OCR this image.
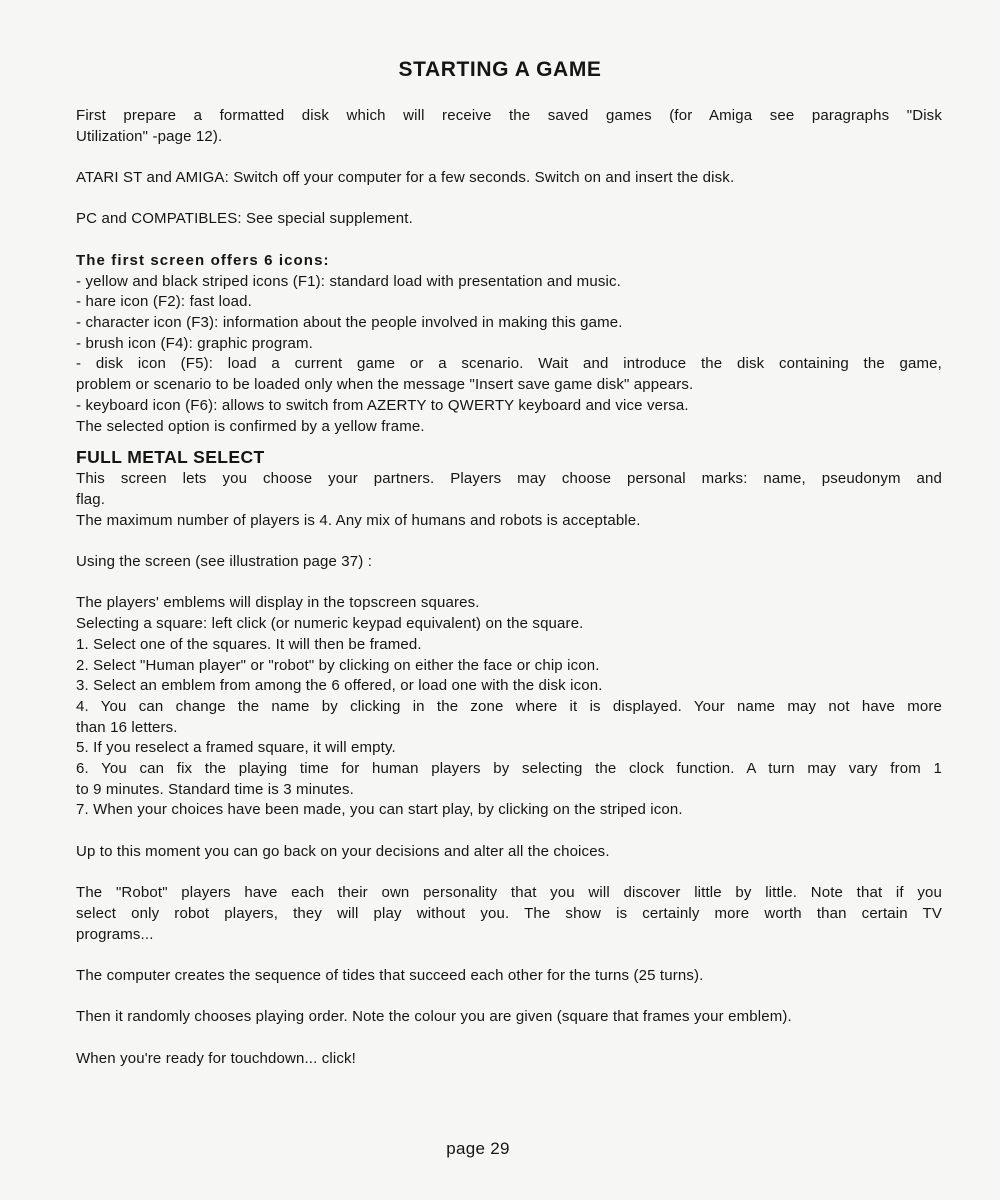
STARTING A GAME

First prepare a formatted disk which will receive the saved games (for Amiga see paragraphs "Disk
Utilization" -page 12).

ATARI ST and AMIGA: Switch off your computer for a few seconds. Switch on and insert the disk.

PC and COMPATIBLES: See special supplement.

The first screen offers 6 icons:
- yellow and black striped icons (F1): standard load with presentation and music.
- hare icon (F2): fast load.
- character icon (F3): information about the people involved in making this game.
- brush icon (F4): graphic program.
- disk icon (F5): load a current game or a scenario. Wait and introduce the disk containing the game,
problem or scenario to be loaded only when the message "Insert save game disk" appears.
- keyboard icon (F6): allows to switch from AZERTY to QWERTY keyboard and vice versa.
The selected option is confirmed by a yellow frame.
FULL METAL SELECT
This screen lets you choose your partners. Players may choose personal marks: name, pseudonym and
flag.
The maximum number of players is 4. Any mix of humans and robots is acceptable.
Using the screen (see illustration page 37) :
The players' emblems will display in the topscreen squares.
Selecting a square: left click (or numeric keypad equivalent) on the square.
1. Select one of the squares. It will then be framed.
2. Select "Human player" or "robot" by clicking on either the face or chip icon.
3. Select an emblem from among the 6 offered, or load one with the disk icon.
4. You can change the name by clicking in the zone where it is displayed. Your name may not have more
than 16 letters.
5. If you reselect a framed square, it will empty.
6. You can fix the playing time for human players by selecting the clock function. A turn may vary from 1
to 9 minutes. Standard time is 3 minutes.
7. When your choices have been made, you can start play, by clicking on the striped icon.
Up to this moment you can go back on your decisions and alter all the choices.
The "Robot" players have each their own personality that you will discover little by little. Note that if you
select only robot players, they will play without you. The show is certainly more worth than certain TV
programs...
The computer creates the sequence of tides that succeed each other for the turns (25 turns).
Then it randomly chooses playing order. Note the colour you are given (square that frames your emblem).
When you're ready for touchdown... click!
page 29
